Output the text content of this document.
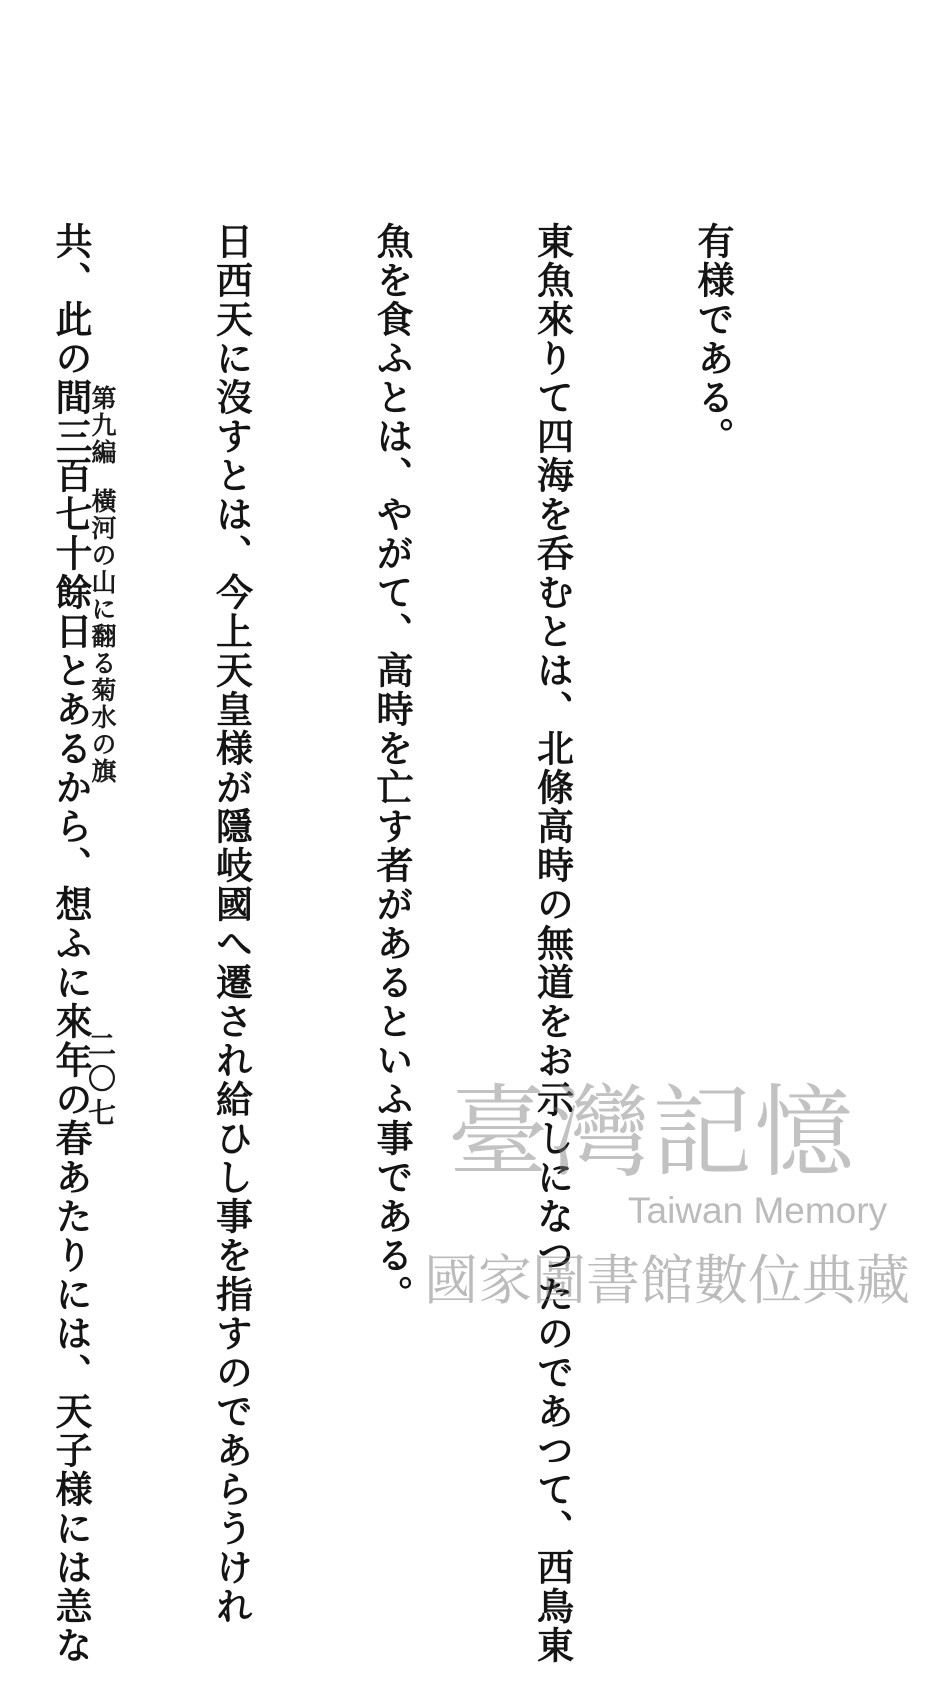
有様である。

東魚來りて四海を呑むとは、北條高時の無道をお示しになつたのであつて、西鳥東

魚を食ふとは、やがて、高時を亡す者があるといふ事である。

日西天に沒すとは、今上天皇様が隱岐國へ遷され給ひし事を指すのであらうけれ

共、此の間三百七十餘日とあるから、想ふに來年の春あたりには、天子様には恙な

第九編橫河の山に翻る菊水の旗
二〇七	臺灣記憶
Taiwan Memory
國家圖書館數位典藏
